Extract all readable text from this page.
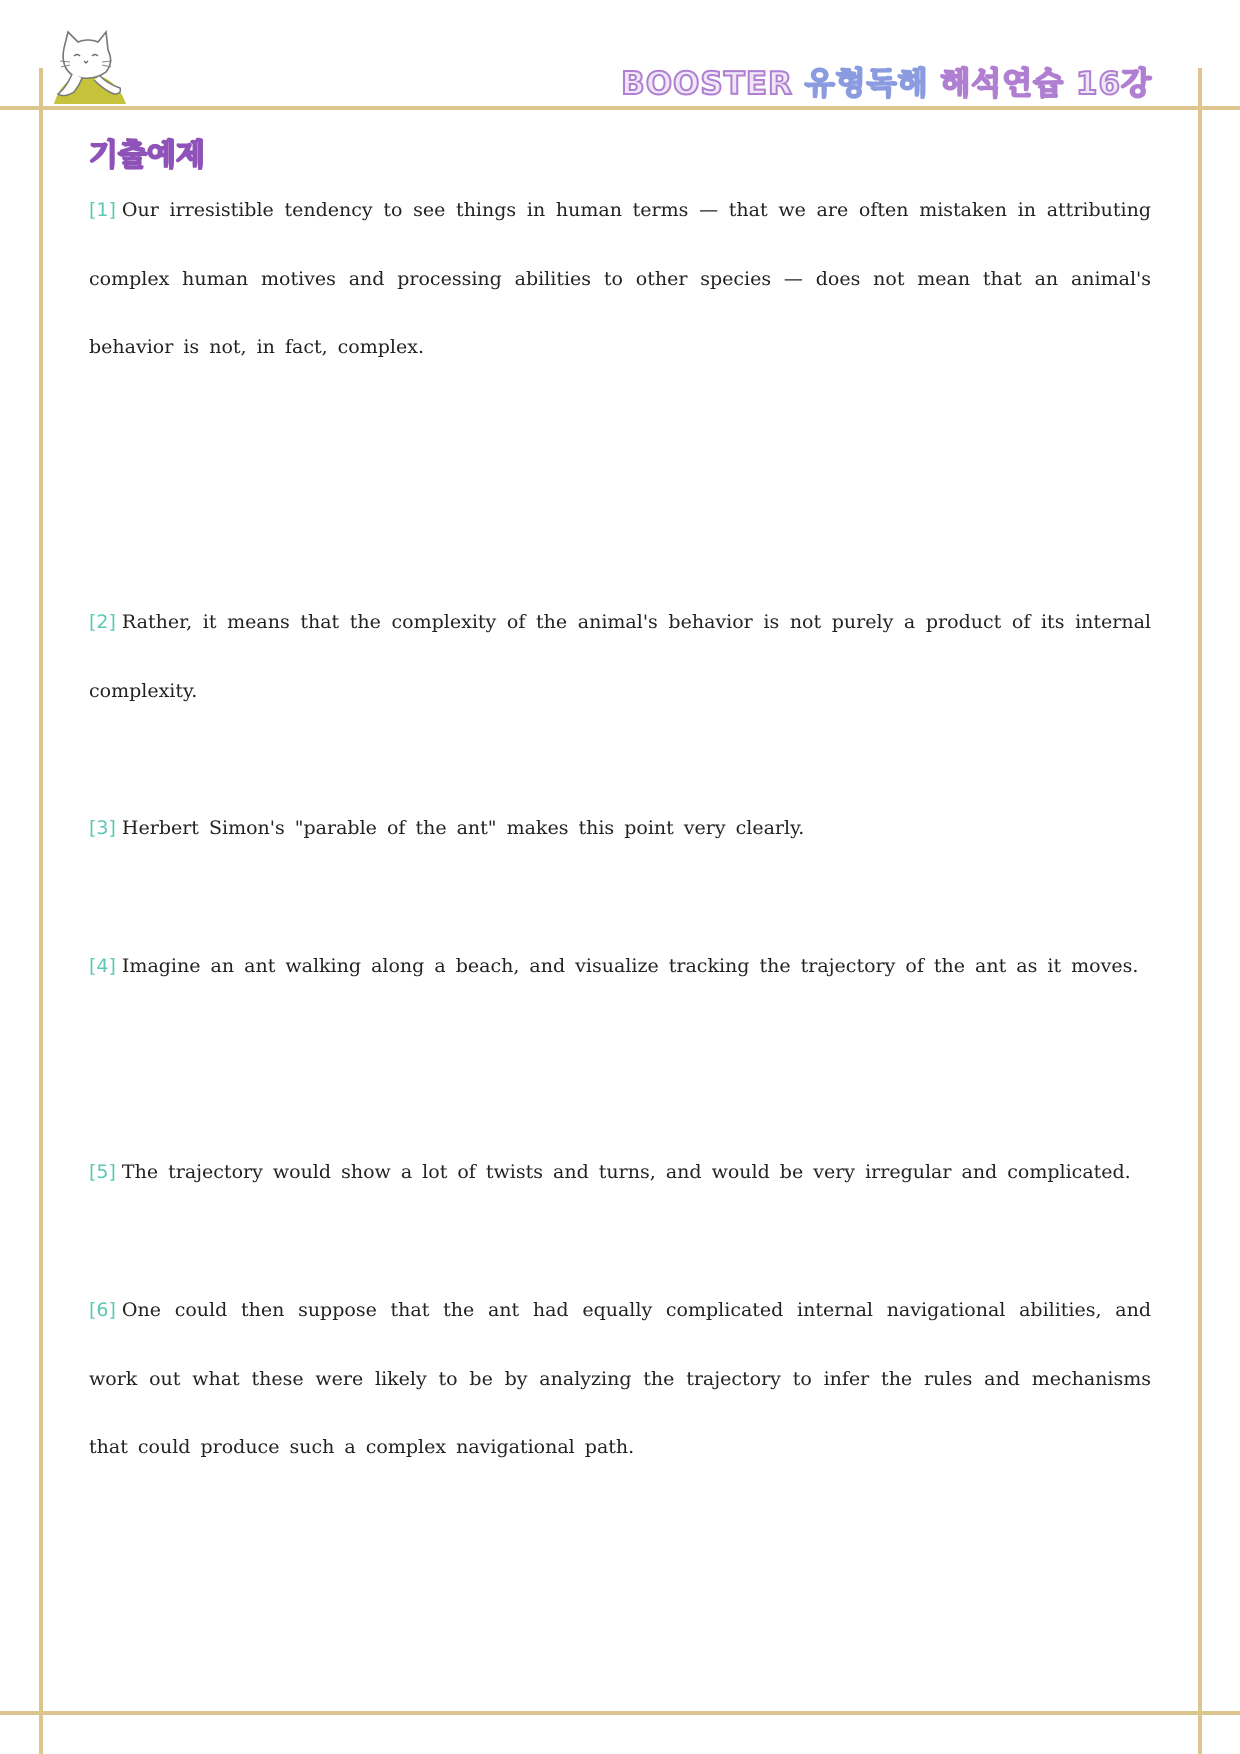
BOOSTER 유형독해 해석연습 16강
기출예제
[1] Our irresistible tendency to see things in human terms — that we are often mistaken in attributing complex human motives and processing abilities to other species — does not mean that an animal's behavior is not, in fact, complex.
[2] Rather, it means that the complexity of the animal's behavior is not purely a product of its internal complexity.
[3] Herbert Simon's "parable of the ant" makes this point very clearly.
[4] Imagine an ant walking along a beach, and visualize tracking the trajectory of the ant as it moves.
[5] The trajectory would show a lot of twists and turns, and would be very irregular and complicated.
[6] One could then suppose that the ant had equally complicated internal navigational abilities, and work out what these were likely to be by analyzing the trajectory to infer the rules and mechanisms that could produce such a complex navigational path.
